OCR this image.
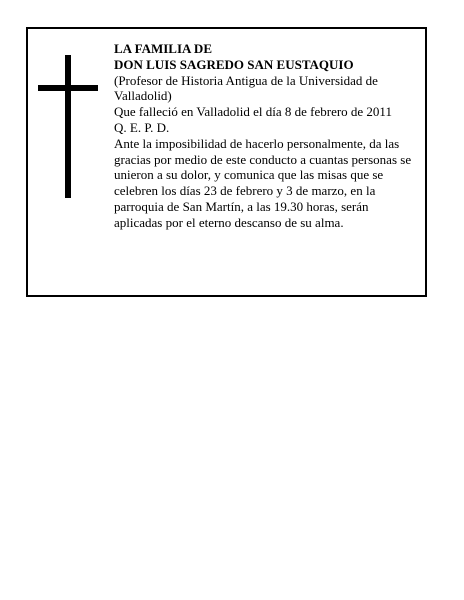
LA FAMILIA DE

DON LUIS SAGREDO SAN EUSTAQUIO

(Profesor de Historia Antigua de la Universidad de Valladolid)

Que falleció en Valladolid el día 8 de febrero de 2011

Q. E. P. D.

Ante la imposibilidad de hacerlo personalmente, da las gracias por medio de este conducto a cuantas personas se unieron a su dolor, y comunica que las misas que se celebren los días 23 de febrero y 3 de marzo, en la parroquia de San Martín, a las 19.30 horas, serán aplicadas por el eterno descanso de su alma.
